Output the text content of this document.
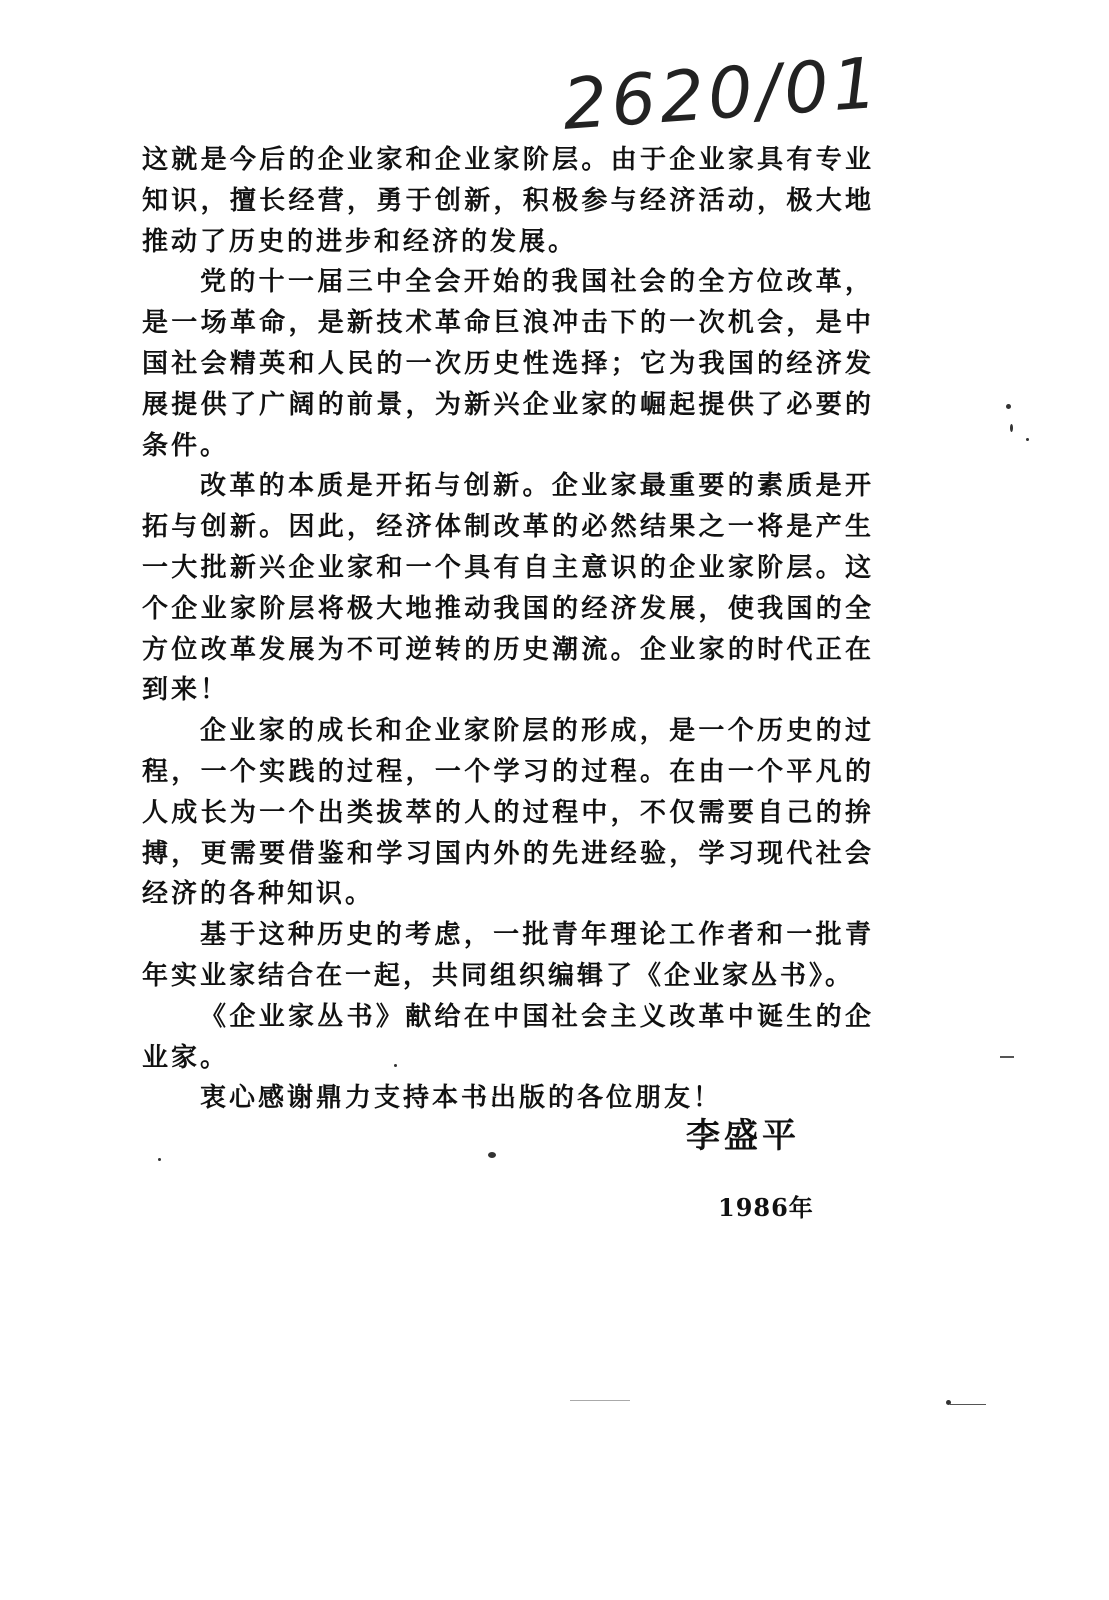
2620/01

这就是今后的企业家和企业家阶层。由于企业家具有专业知识，擅长经营，勇于创新，积极参与经济活动，极大地推动了历史的进步和经济的发展。

党的十一届三中全会开始的我国社会的全方位改革，是一场革命，是新技术革命巨浪冲击下的一次机会，是中国社会精英和人民的一次历史性选择；它为我国的经济发展提供了广阔的前景，为新兴企业家的崛起提供了必要的条件。

改革的本质是开拓与创新。企业家最重要的素质是开拓与创新。因此，经济体制改革的必然结果之一将是产生一大批新兴企业家和一个具有自主意识的企业家阶层。这个企业家阶层将极大地推动我国的经济发展，使我国的全方位改革发展为不可逆转的历史潮流。企业家的时代正在到来！

企业家的成长和企业家阶层的形成，是一个历史的过程，一个实践的过程，一个学习的过程。在由一个平凡的人成长为一个出类拔萃的人的过程中，不仅需要自己的拚搏，更需要借鉴和学习国内外的先进经验，学习现代社会经济的各种知识。

基于这种历史的考虑，一批青年理论工作者和一批青年实业家结合在一起，共同组织编辑了《企业家丛书》。

《企业家丛书》献给在中国社会主义改革中诞生的企业家。

衷心感谢鼎力支持本书出版的各位朋友！

李盛平
1986年
